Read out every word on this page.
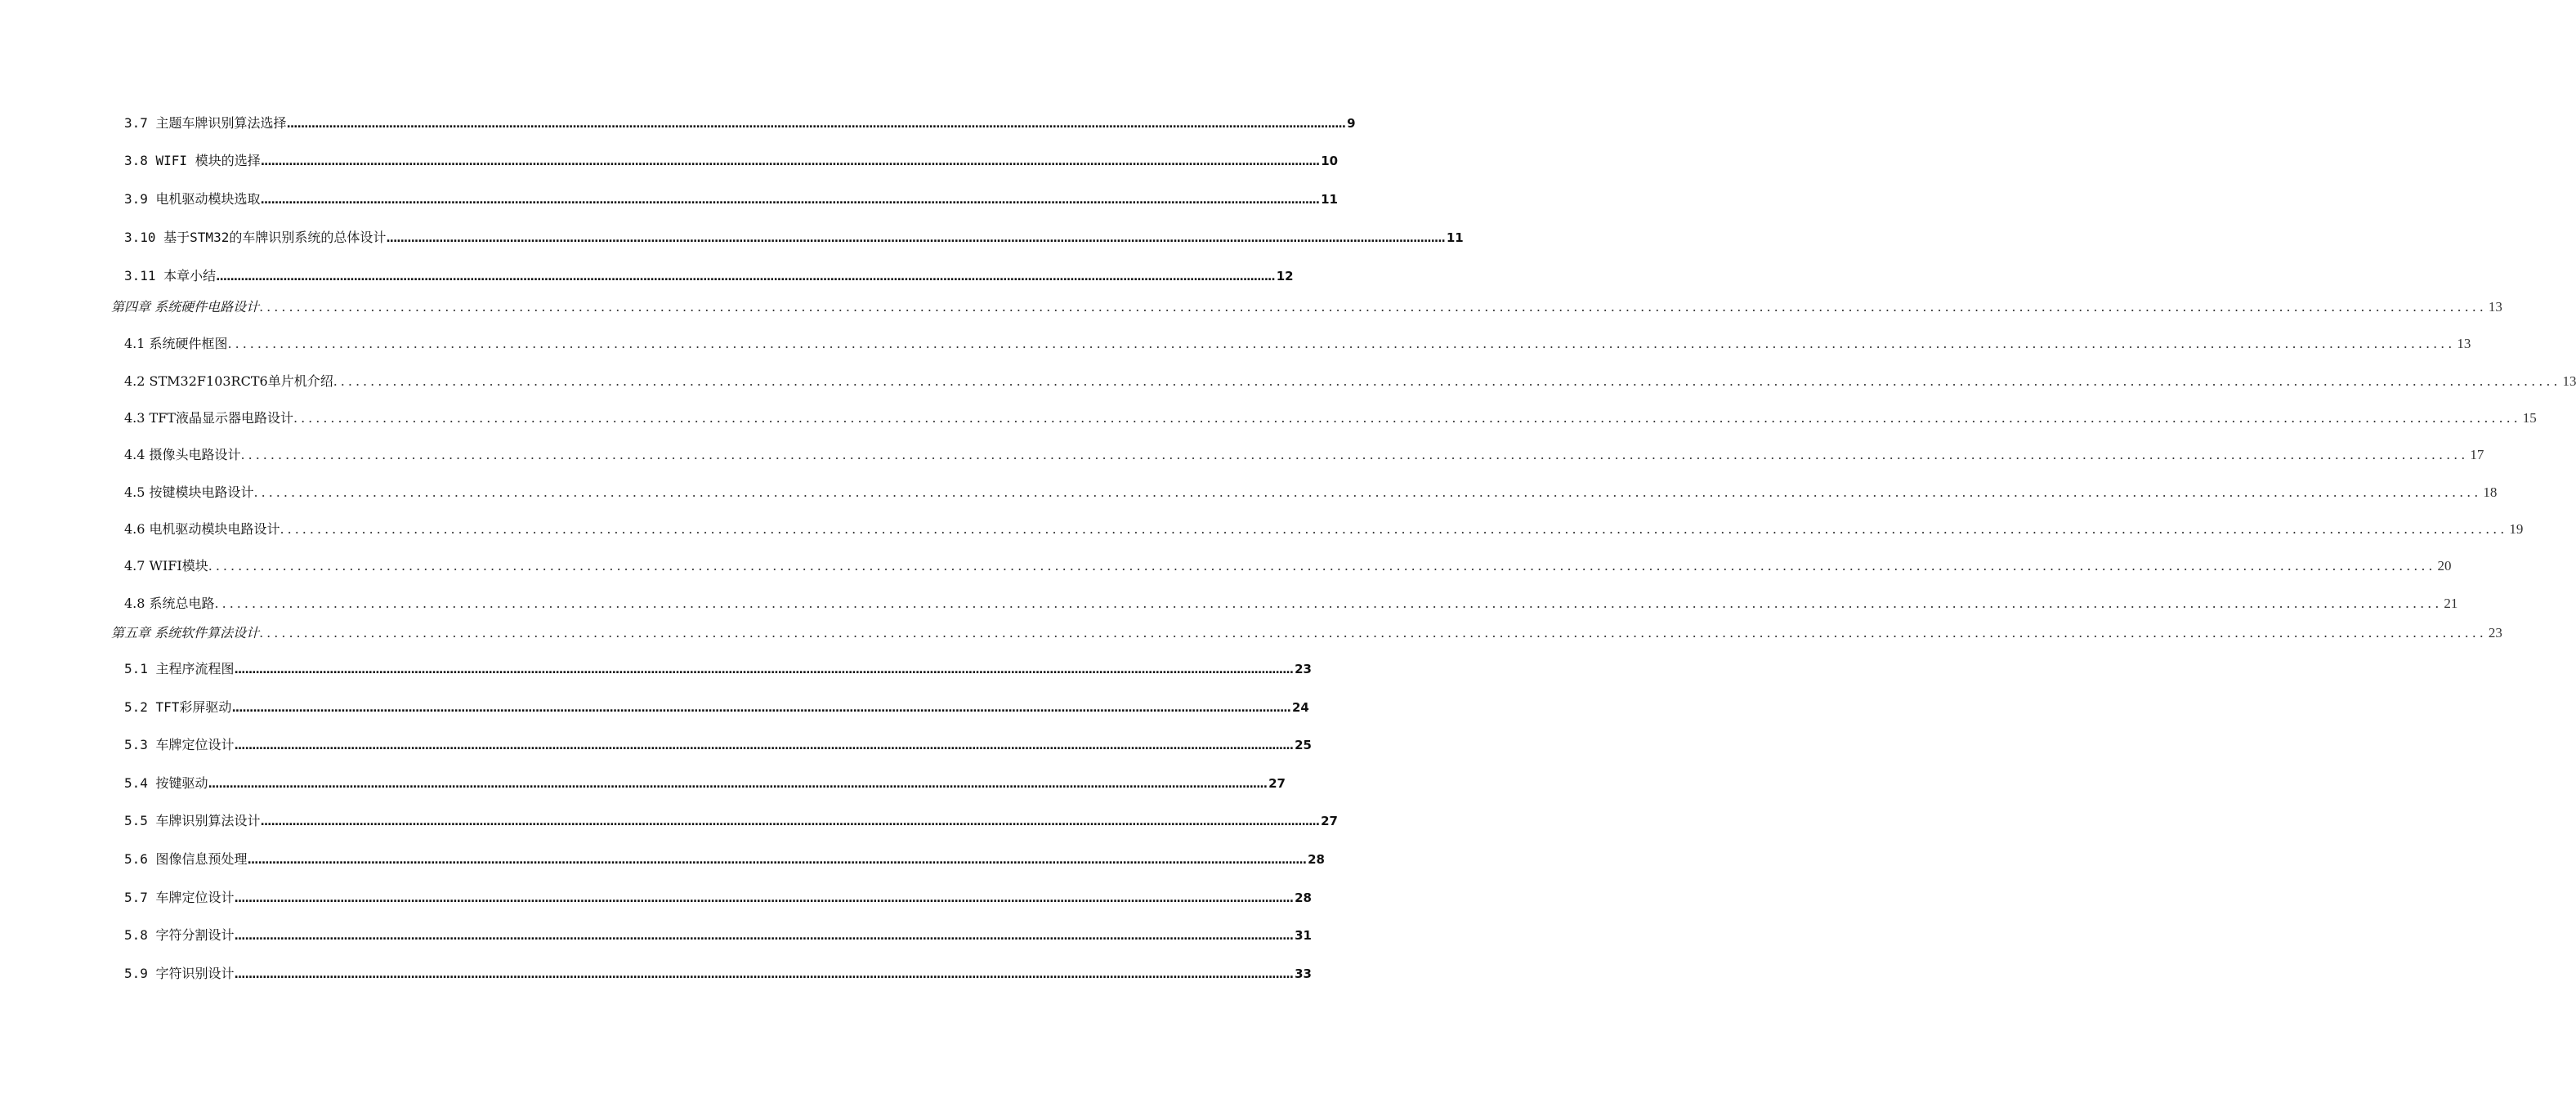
3.7 主题车牌识别算法选择 ............................................................................................................................................................................................................................................................................................................ 9
3.8 WIFI 模块的选择 ............................................................................................................................................................................................................................................................................................................ 10
3.9 电机驱动模块选取 ............................................................................................................................................................................................................................................................................................................ 11
3.10 基于STM32的车牌识别系统的总体设计 ............................................................................................................................................................................................................................................................................................................ 11
3.11 本章小结 ............................................................................................................................................................................................................................................................................................................ 12
第四章 系统硬件电路设计 ............................................................................................................................................................................................................................................................................................................ 13
4.1 系统硬件框图 ............................................................................................................................................................................................................................................................................................................ 13
4.2 STM32F103RCT6单片机介绍 ............................................................................................................................................................................................................................................................................................................ 13
4.3 TFT液晶显示器电路设计 ............................................................................................................................................................................................................................................................................................................ 15
4.4 摄像头电路设计 ............................................................................................................................................................................................................................................................................................................ 17
4.5 按键模块电路设计 ............................................................................................................................................................................................................................................................................................................ 18
4.6 电机驱动模块电路设计 ............................................................................................................................................................................................................................................................................................................ 19
4.7 WIFI模块 ............................................................................................................................................................................................................................................................................................................ 20
4.8 系统总电路 ............................................................................................................................................................................................................................................................................................................ 21
第五章 系统软件算法设计 ............................................................................................................................................................................................................................................................................................................ 23
5.1 主程序流程图 ............................................................................................................................................................................................................................................................................................................ 23
5.2 TFT彩屏驱动 ............................................................................................................................................................................................................................................................................................................ 24
5.3 车牌定位设计 ............................................................................................................................................................................................................................................................................................................ 25
5.4 按键驱动 ............................................................................................................................................................................................................................................................................................................ 27
5.5 车牌识别算法设计 ............................................................................................................................................................................................................................................................................................................ 27
5.6 图像信息预处理 ............................................................................................................................................................................................................................................................................................................ 28
5.7 车牌定位设计 ............................................................................................................................................................................................................................................................................................................ 28
5.8 字符分割设计 ............................................................................................................................................................................................................................................................................................................ 31
5.9 字符识别设计 ............................................................................................................................................................................................................................................................................................................ 33
